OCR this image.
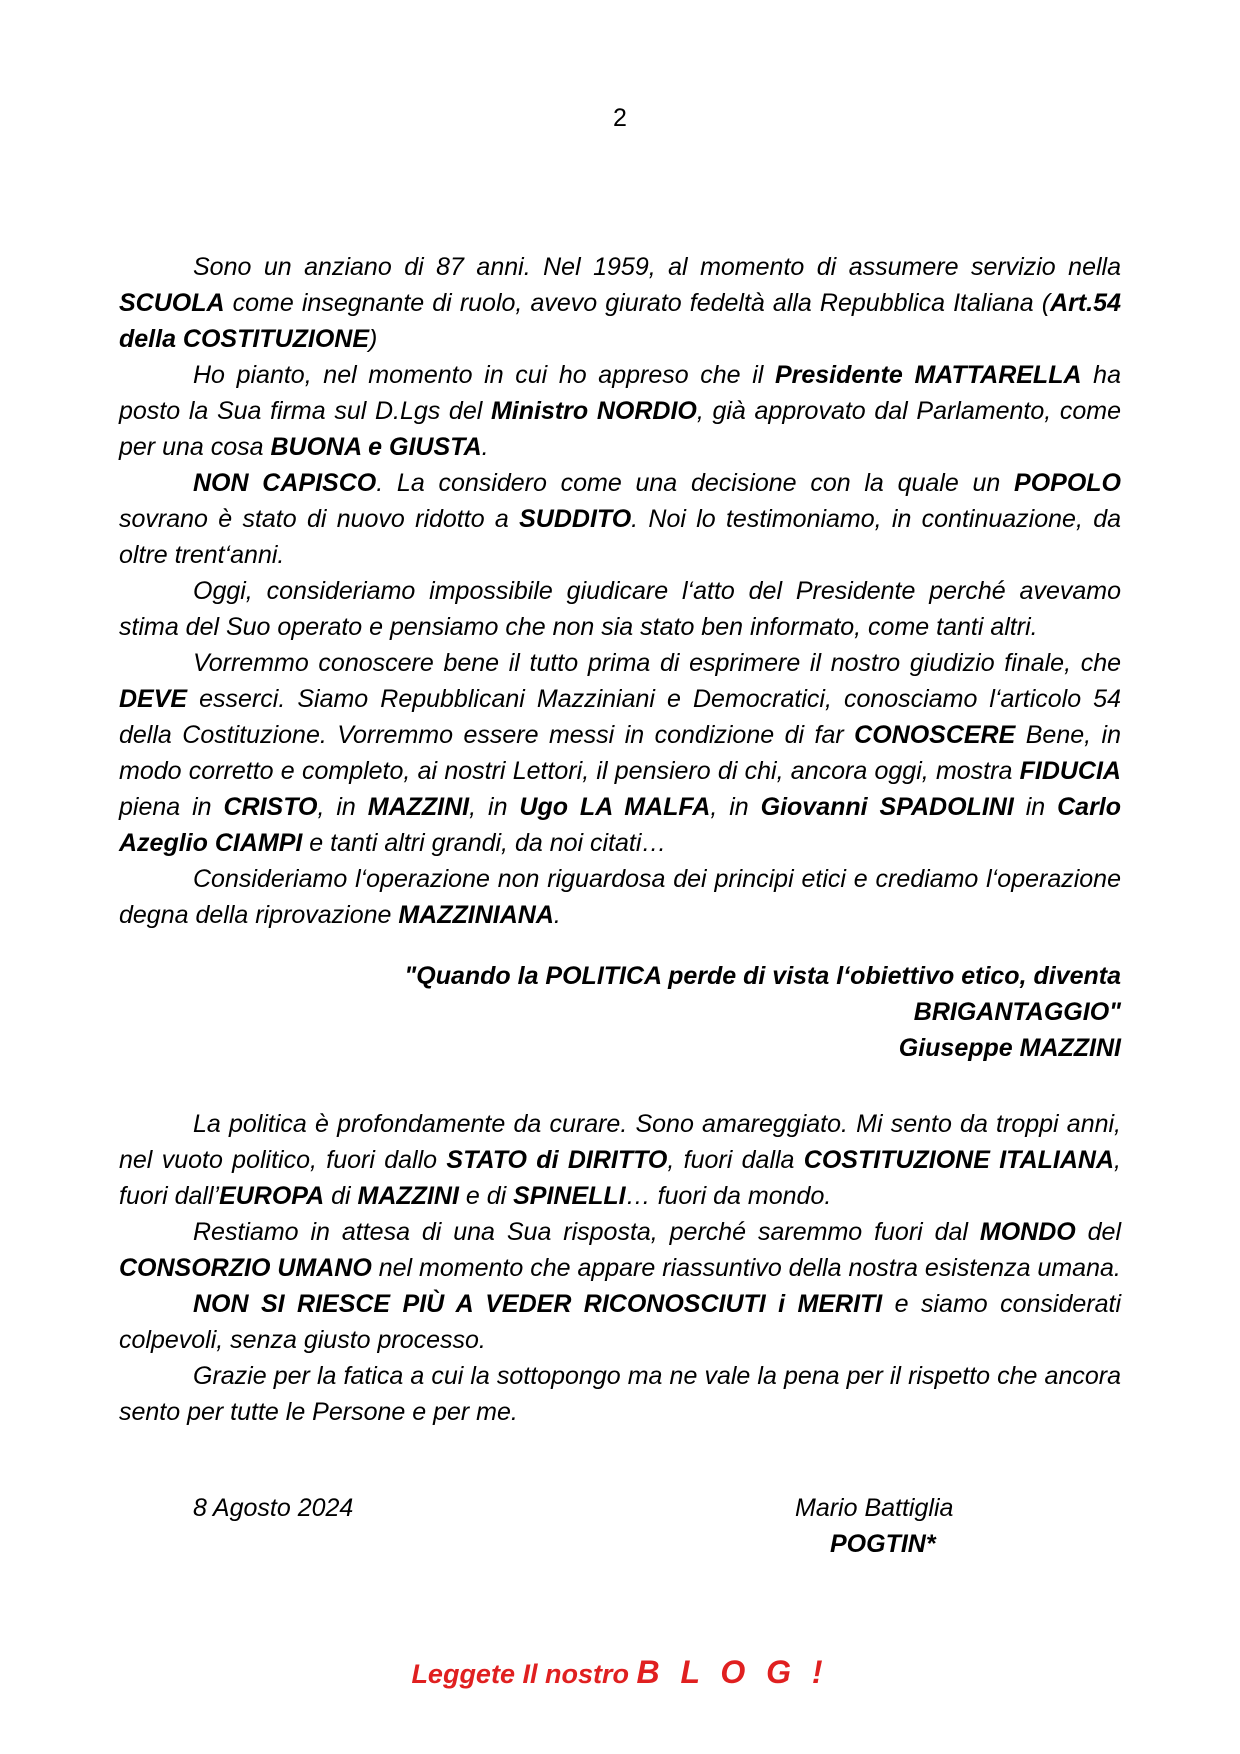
2

Sono un anziano di 87 anni. Nel 1959, al momento di assumere servizio nella SCUOLA come insegnante di ruolo, avevo giurato fedeltà alla Repubblica Italiana (Art.54 della COSTITUZIONE)

Ho pianto, nel momento in cui ho appreso che il Presidente MATTARELLA ha posto la Sua firma sul D.Lgs del Ministro NORDIO, già approvato dal Parlamento, come per una cosa BUONA e GIUSTA.

NON CAPISCO. La considero come una decisione con la quale un POPOLO sovrano è stato di nuovo ridotto a SUDDITO. Noi lo testimoniamo, in continuazione, da oltre trent‘anni.

Oggi, consideriamo impossibile giudicare l‘atto del Presidente perché avevamo stima del Suo operato e pensiamo che non sia stato ben informato, come tanti altri.

Vorremmo conoscere bene il tutto prima di esprimere il nostro giudizio finale, che DEVE esserci. Siamo Repubblicani Mazziniani e Democratici, conosciamo l‘articolo 54 della Costituzione. Vorremmo essere messi in condizione di far CONOSCERE Bene, in modo corretto e completo, ai nostri Lettori, il pensiero di chi, ancora oggi, mostra FIDUCIA piena in CRISTO, in MAZZINI, in Ugo LA MALFA, in Giovanni SPADOLINI in Carlo Azeglio CIAMPI e tanti altri grandi, da noi citati…

Consideriamo l‘operazione non riguardosa dei principi etici e crediamo l‘operazione degna della riprovazione MAZZINIANA.

"Quando la POLITICA perde di vista l‘obiettivo etico, diventa
BRIGANTAGGIO"
Giuseppe MAZZINI

La politica è profondamente da curare. Sono amareggiato. Mi sento da troppi anni, nel vuoto politico, fuori dallo STATO di DIRITTO, fuori dalla COSTITUZIONE ITALIANA, fuori dall’EUROPA di MAZZINI e di SPINELLI… fuori da mondo.

Restiamo in attesa di una Sua risposta, perché saremmo fuori dal MONDO del CONSORZIO UMANO nel momento che appare riassuntivo della nostra esistenza umana.

NON SI RIESCE PIÙ A VEDER RICONOSCIUTI i MERITI e siamo considerati colpevoli, senza giusto processo.

Grazie per la fatica a cui la sottopongo ma ne vale la pena per il rispetto che ancora sento per tutte le Persone e per me.

8 Agosto 2024	Mario Battiglia
POGTIN*
Leggete Il nostro B L O G !
